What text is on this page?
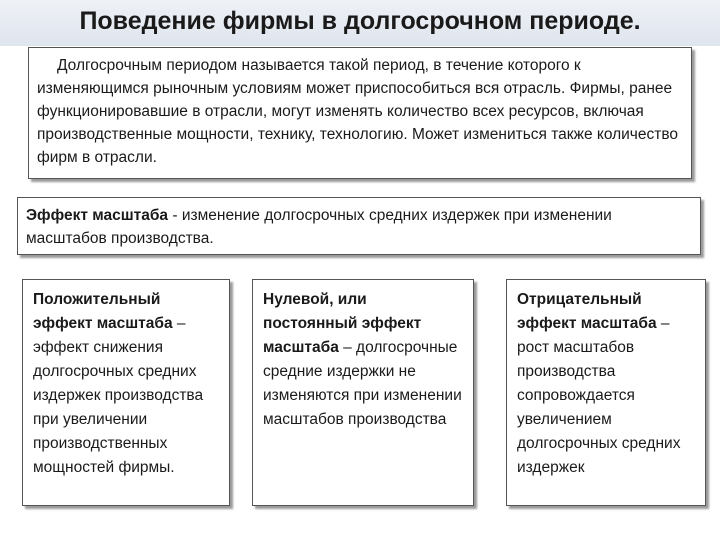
Поведение фирмы в долгосрочном периоде.

Долгосрочным периодом называется такой период, в течение которого к изменяющимся рыночным условиям может приспособиться вся отрасль. Фирмы, ранее функционировавшие в отрасли, могут изменять количество всех ресурсов, включая производственные мощности, технику, технологию. Может измениться также количество фирм в отрасли.

Эффект масштаба - изменение долгосрочных средних издержек при изменении масштабов производства.
Положительный эффект масштаба – эффект снижения долгосрочных средних издержек производства при увеличении производственных мощностей фирмы.
Нулевой, или постоянный эффект масштаба – долгосрочные средние издержки не изменяются при изменении масштабов производства
Отрицательный эффект масштаба – рост масштабов производства сопровождается увеличением долгосрочных средних издержек
